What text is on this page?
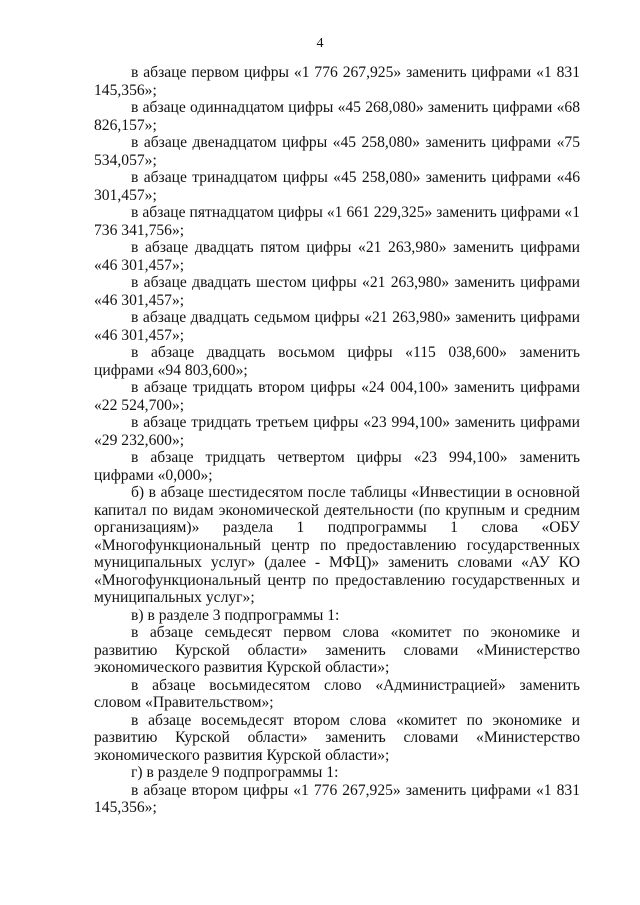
4

в абзаце первом цифры «1 776 267,925» заменить цифрами «1 831 145,356»;

в абзаце одиннадцатом цифры «45 268,080» заменить цифрами «68 826,157»;

в абзаце двенадцатом цифры «45 258,080» заменить цифрами «75 534,057»;

в абзаце тринадцатом цифры «45 258,080» заменить цифрами «46 301,457»;

в абзаце пятнадцатом цифры «1 661 229,325» заменить цифрами «1 736 341,756»;

в абзаце двадцать пятом цифры «21 263,980» заменить цифрами «46 301,457»;

в абзаце двадцать шестом цифры «21 263,980» заменить цифрами «46 301,457»;

в абзаце двадцать седьмом цифры «21 263,980» заменить цифрами «46 301,457»;

в абзаце двадцать восьмом цифры «115 038,600» заменить цифрами «94 803,600»;

в абзаце тридцать втором цифры «24 004,100» заменить цифрами «22 524,700»;

в абзаце тридцать третьем цифры «23 994,100» заменить цифрами «29 232,600»;

в абзаце тридцать четвертом цифры «23 994,100» заменить цифрами «0,000»;

б) в абзаце шестидесятом после таблицы «Инвестиции в основной капитал по видам экономической деятельности (по крупным и средним организациям)» раздела 1 подпрограммы 1 слова «ОБУ «Многофункциональный центр по предоставлению государственных муниципальных услуг» (далее - МФЦ)» заменить словами «АУ КО «Многофункциональный центр по предоставлению государственных и муниципальных услуг»;

в) в разделе 3 подпрограммы 1:

в абзаце семьдесят первом слова «комитет по экономике и развитию Курской области» заменить словами «Министерство экономического развития Курской области»;

в абзаце восьмидесятом слово «Администрацией» заменить словом «Правительством»;

в абзаце восемьдесят втором слова «комитет по экономике и развитию Курской области» заменить словами «Министерство экономического развития Курской области»;

г) в разделе 9 подпрограммы 1:

в абзаце втором цифры «1 776 267,925» заменить цифрами «1 831 145,356»;
